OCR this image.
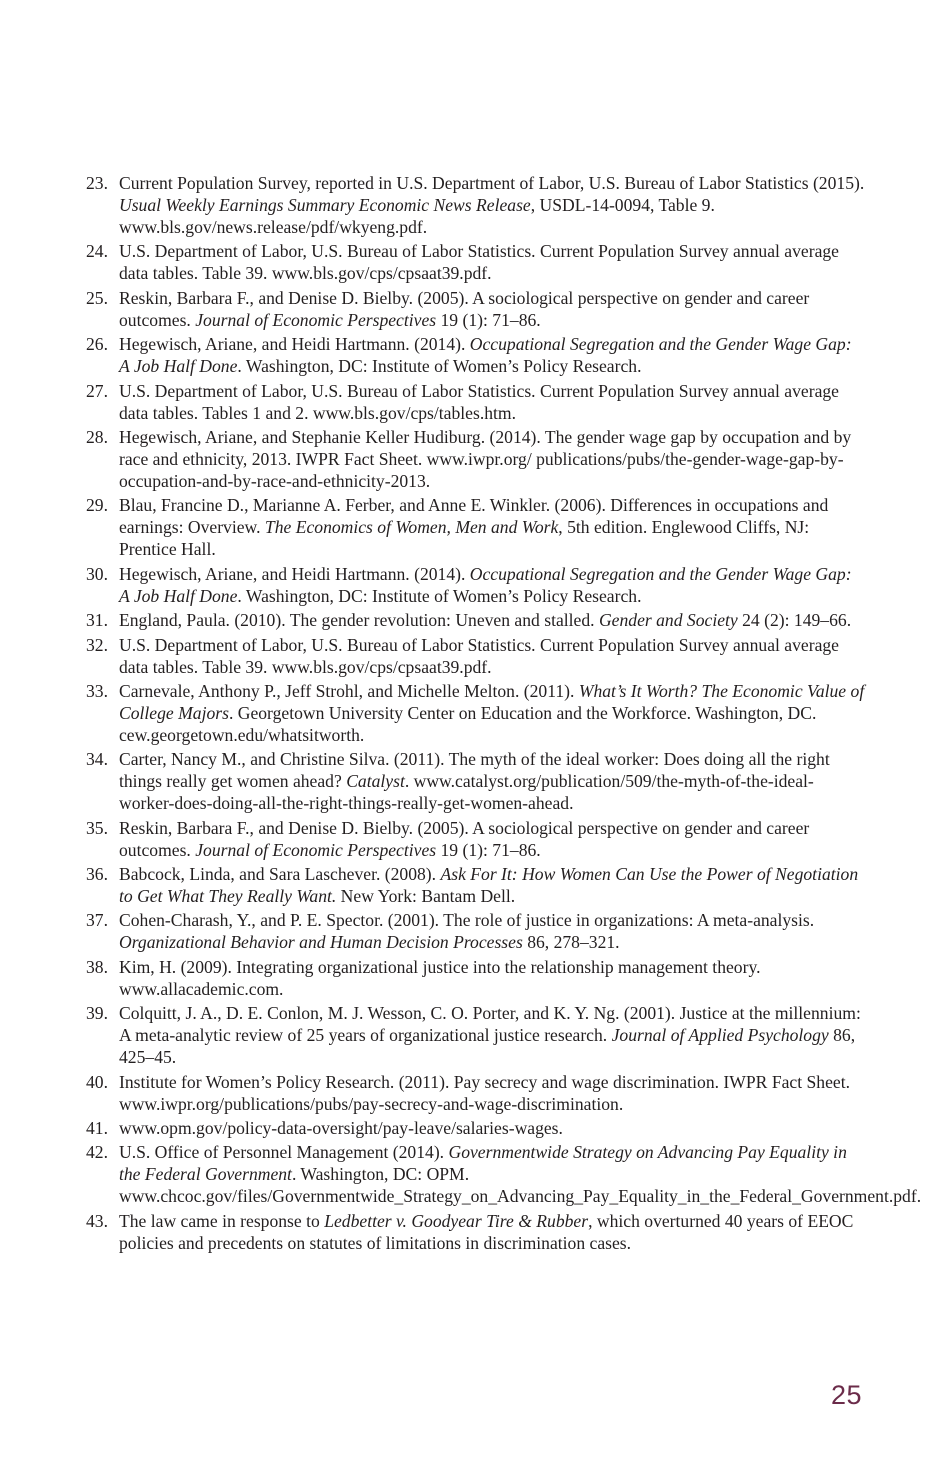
23. Current Population Survey, reported in U.S. Department of Labor, U.S. Bureau of Labor Statistics (2015). Usual Weekly Earnings Summary Economic News Release, USDL-14-0094, Table 9. www.bls.gov/news.release/pdf/wkyeng.pdf.
24. U.S. Department of Labor, U.S. Bureau of Labor Statistics. Current Population Survey annual average data tables. Table 39. www.bls.gov/cps/cpsaat39.pdf.
25. Reskin, Barbara F., and Denise D. Bielby. (2005). A sociological perspective on gender and career outcomes. Journal of Economic Perspectives 19 (1): 71–86.
26. Hegewisch, Ariane, and Heidi Hartmann. (2014). Occupational Segregation and the Gender Wage Gap: A Job Half Done. Washington, DC: Institute of Women’s Policy Research.
27. U.S. Department of Labor, U.S. Bureau of Labor Statistics. Current Population Survey annual average data tables. Tables 1 and 2. www.bls.gov/cps/tables.htm.
28. Hegewisch, Ariane, and Stephanie Keller Hudiburg. (2014). The gender wage gap by occupation and by race and ethnicity, 2013. IWPR Fact Sheet. www.iwpr.org/ publications/pubs/the-gender-wage-gap-by-occupation-and-by-race-and-ethnicity-2013.
29. Blau, Francine D., Marianne A. Ferber, and Anne E. Winkler. (2006). Differences in occupations and earnings: Overview. The Economics of Women, Men and Work, 5th edition. Englewood Cliffs, NJ: Prentice Hall.
30. Hegewisch, Ariane, and Heidi Hartmann. (2014). Occupational Segregation and the Gender Wage Gap: A Job Half Done. Washington, DC: Institute of Women’s Policy Research.
31. England, Paula. (2010). The gender revolution: Uneven and stalled. Gender and Society 24 (2): 149–66.
32. U.S. Department of Labor, U.S. Bureau of Labor Statistics. Current Population Survey annual average data tables. Table 39. www.bls.gov/cps/cpsaat39.pdf.
33. Carnevale, Anthony P., Jeff Strohl, and Michelle Melton. (2011). What’s It Worth? The Economic Value of College Majors. Georgetown University Center on Education and the Workforce. Washington, DC. cew.georgetown.edu/whatsitworth.
34. Carter, Nancy M., and Christine Silva. (2011). The myth of the ideal worker: Does doing all the right things really get women ahead? Catalyst. www.catalyst.org/publication/509/the-myth-of-the-ideal-worker-does-doing-all-the-right-things-really-get-women-ahead.
35. Reskin, Barbara F., and Denise D. Bielby. (2005). A sociological perspective on gender and career outcomes. Journal of Economic Perspectives 19 (1): 71–86.
36. Babcock, Linda, and Sara Laschever. (2008). Ask For It: How Women Can Use the Power of Negotiation to Get What They Really Want. New York: Bantam Dell.
37. Cohen-Charash, Y., and P. E. Spector. (2001). The role of justice in organizations: A meta-analysis. Organizational Behavior and Human Decision Processes 86, 278–321.
38. Kim, H. (2009). Integrating organizational justice into the relationship management theory. www.allacademic.com.
39. Colquitt, J. A., D. E. Conlon, M. J. Wesson, C. O. Porter, and K. Y. Ng. (2001). Justice at the millennium: A meta-analytic review of 25 years of organizational justice research. Journal of Applied Psychology 86, 425–45.
40. Institute for Women’s Policy Research. (2011). Pay secrecy and wage discrimination. IWPR Fact Sheet. www.iwpr.org/publications/pubs/pay-secrecy-and-wage-discrimination.
41. www.opm.gov/policy-data-oversight/pay-leave/salaries-wages.
42. U.S. Office of Personnel Management (2014). Governmentwide Strategy on Advancing Pay Equality in the Federal Government. Washington, DC: OPM. www.chcoc.gov/files/Governmentwide_Strategy_on_Advancing_Pay_Equality_in_the_Federal_Government.pdf.
43. The law came in response to Ledbetter v. Goodyear Tire & Rubber, which overturned 40 years of EEOC policies and precedents on statutes of limitations in discrimination cases.
25
